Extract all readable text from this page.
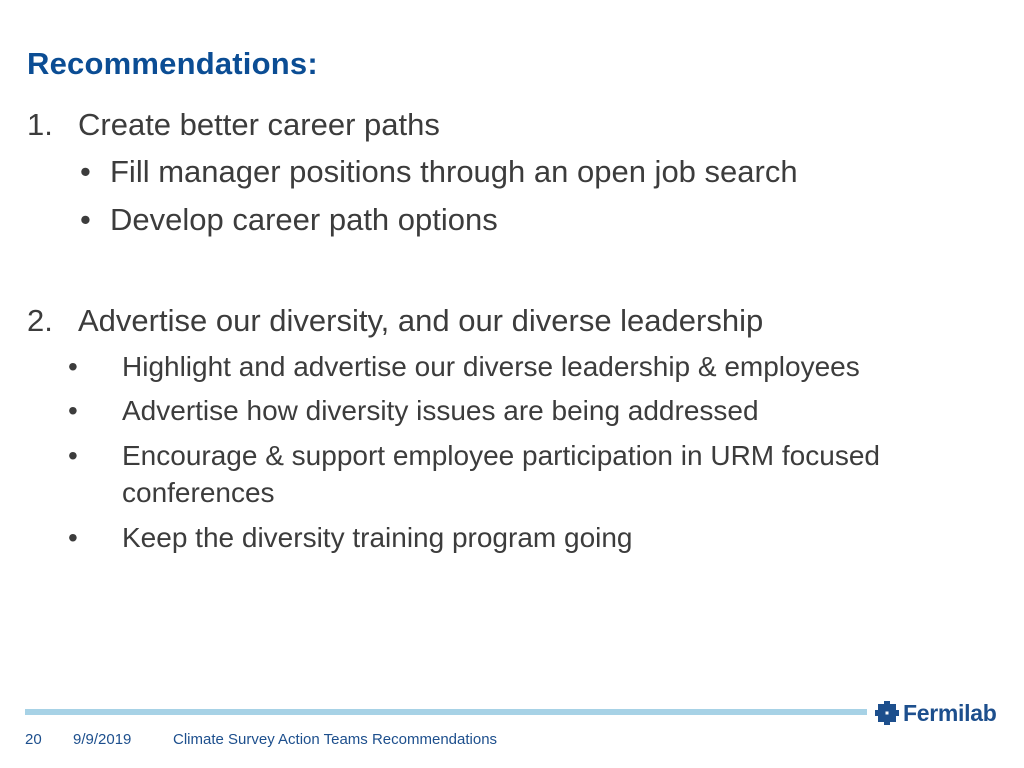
Recommendations:
1. Create better career paths
• Fill manager positions through an open job search
• Develop career path options
2. Advertise our diversity, and our diverse leadership
• Highlight and advertise our diverse leadership & employees
• Advertise how diversity issues are being addressed
• Encourage & support employee participation in URM focused
conferences
• Keep the diversity training program going
Fermilab
20 9/9/2019	Climate Survey Action Teams Recommendations
